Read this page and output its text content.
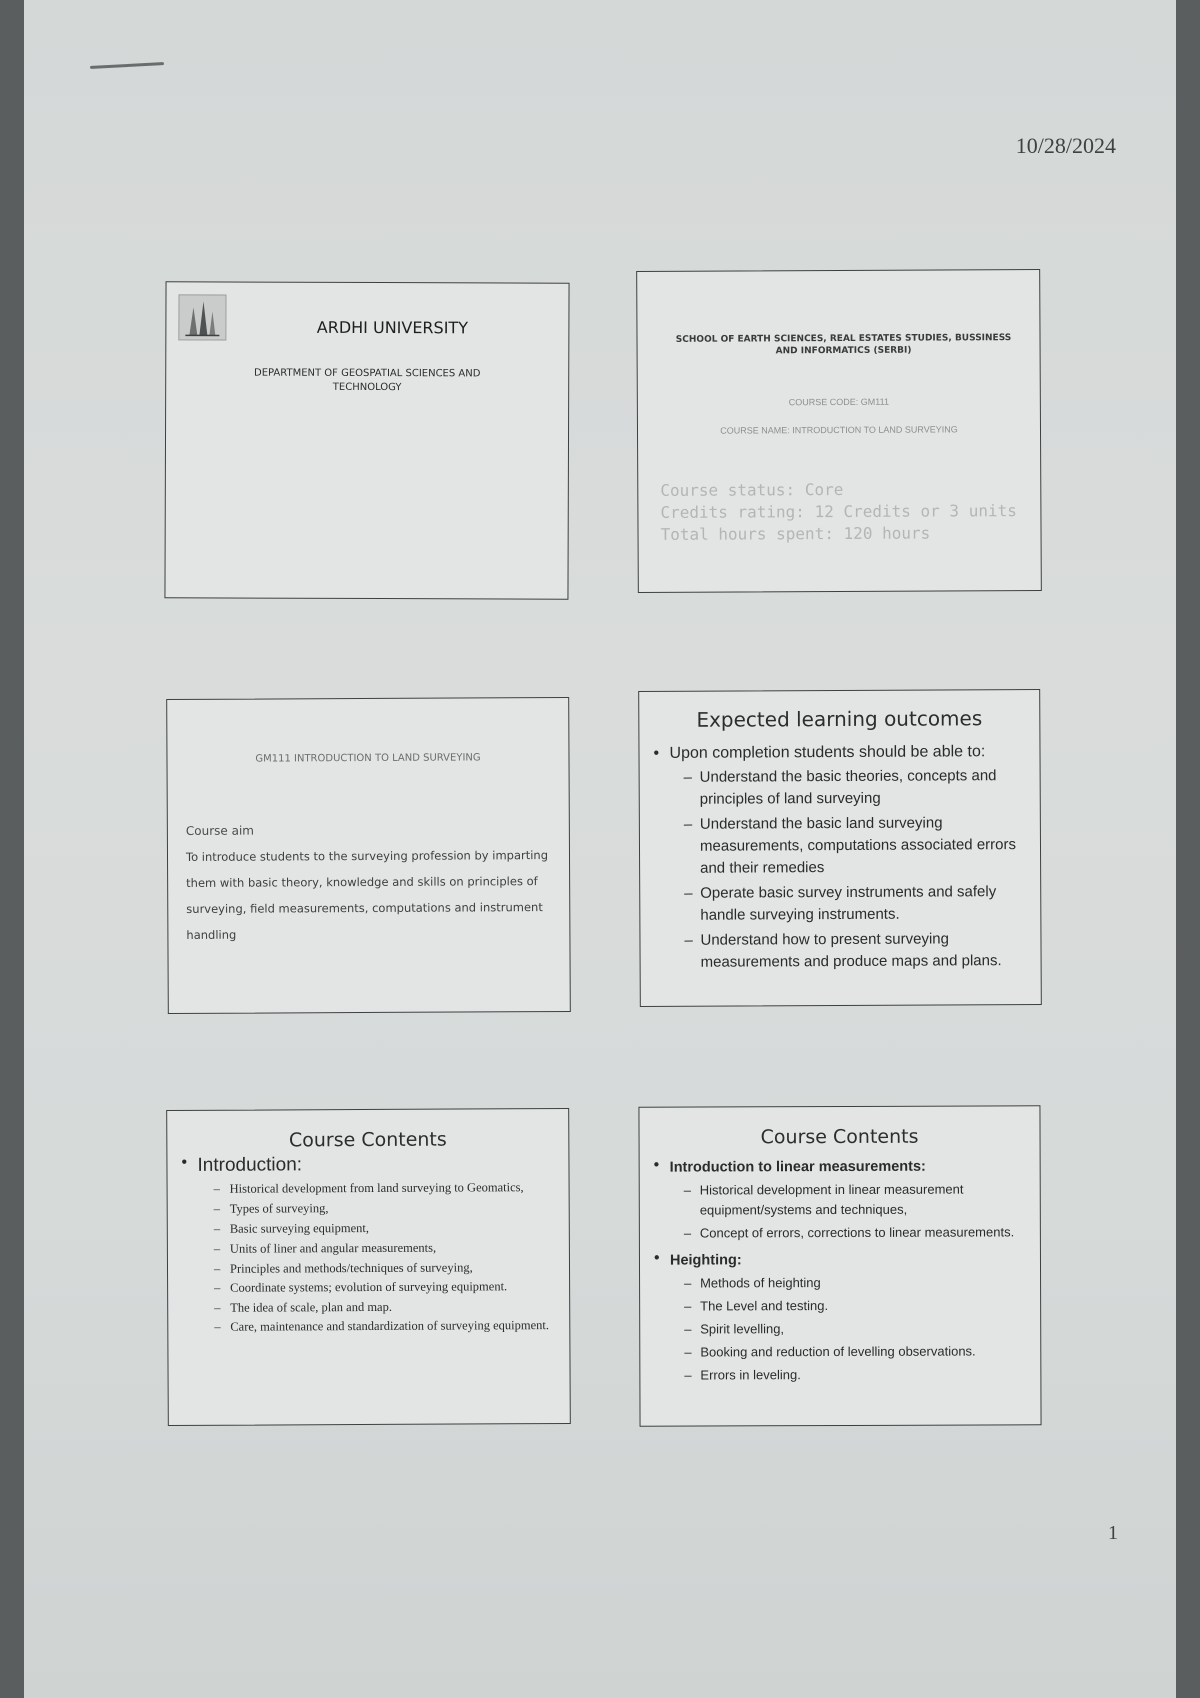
10/28/2024
ARDHI UNIVERSITY
DEPARTMENT OF GEOSPATIAL SCIENCES AND TECHNOLOGY
SCHOOL OF EARTH SCIENCES, REAL ESTATES STUDIES, BUSSINESS AND INFORMATICS (SERBI)
COURSE CODE: GM111
COURSE NAME: INTRODUCTION TO LAND SURVEYING
Course status: Core
Credits rating: 12 Credits or 3 units
Total hours spent: 120 hours
GM111 INTRODUCTION TO LAND SURVEYING
Course aim
To introduce students to the surveying profession by imparting them with basic theory, knowledge and skills on principles of surveying, field measurements, computations and instrument handling
Expected learning outcomes
• Upon completion students should be able to:
– Understand the basic theories, concepts and principles of land surveying
– Understand the basic land surveying measurements, computations associated errors and their remedies
– Operate basic survey instruments and safely handle surveying instruments.
– Understand how to present surveying measurements and produce maps and plans.
Course Contents
• Introduction:
– Historical development from land surveying to Geomatics,
– Types of surveying,
– Basic surveying equipment,
– Units of liner and angular measurements,
– Principles and methods/techniques of surveying,
– Coordinate systems; evolution of surveying equipment.
– The idea of scale, plan and map.
– Care, maintenance and standardization of surveying equipment.
Course Contents
• Introduction to linear measurements:
– Historical development in linear measurement equipment/systems and techniques,
– Concept of errors, corrections to linear measurements.
• Heighting:
– Methods of heighting
– The Level and testing.
– Spirit levelling,
– Booking and reduction of levelling observations.
– Errors in leveling.
1
